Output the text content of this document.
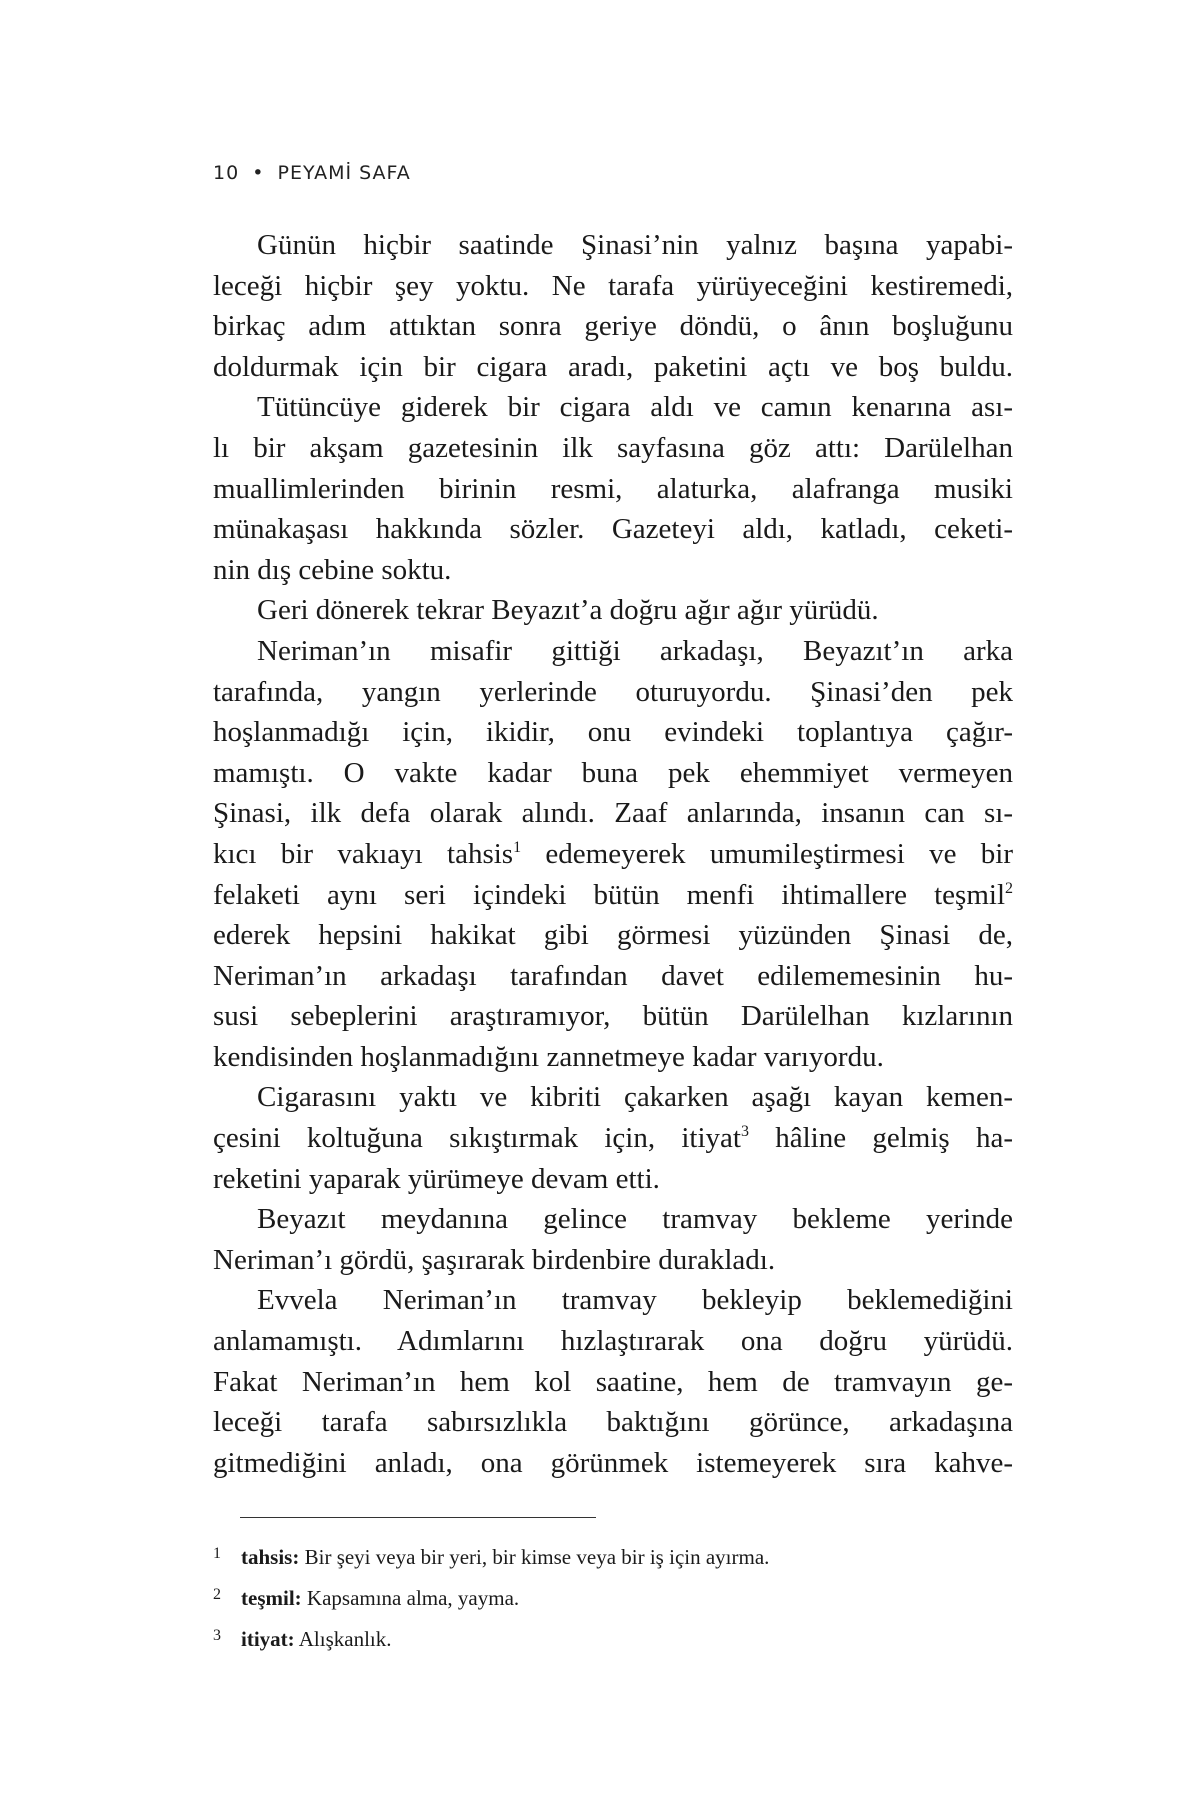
10 • PEYAMİ SAFA
Günün hiçbir saatinde Şinasi’nin yalnız başına yapabi-
leceği hiçbir şey yoktu. Ne tarafa yürüyeceğini kestiremedi,
birkaç adım attıktan sonra geriye döndü, o ânın boşluğunu
doldurmak için bir cigara aradı, paketini açtı ve boş buldu.
Tütüncüye giderek bir cigara aldı ve camın kenarına ası-
lı bir akşam gazetesinin ilk sayfasına göz attı: Darülelhan
muallimlerinden birinin resmi, alaturka, alafranga musiki
münakaşası hakkında sözler. Gazeteyi aldı, katladı, ceketi-
nin dış cebine soktu.
Geri dönerek tekrar Beyazıt’a doğru ağır ağır yürüdü.
Neriman’ın misafir gittiği arkadaşı, Beyazıt’ın arka
tarafında, yangın yerlerinde oturuyordu. Şinasi’den pek
hoşlanmadığı için, ikidir, onu evindeki toplantıya çağır-
mamıştı. O vakte kadar buna pek ehemmiyet vermeyen
Şinasi, ilk defa olarak alındı. Zaaf anlarında, insanın can sı-
kıcı bir vakıayı tahsis$^1$ edemeyerek umumileştirmesi ve bir
felaketi aynı seri içindeki bütün menfi ihtimallere teşmil$^2$
ederek hepsini hakikat gibi görmesi yüzünden Şinasi de,
Neriman’ın arkadaşı tarafından davet edilememesinin hu-
susi sebeplerini araştıramıyor, bütün Darülelhan kızlarının
kendisinden hoşlanmadığını zannetmeye kadar varıyordu.
Cigarasını yaktı ve kibriti çakarken aşağı kayan kemen-
çesini koltuğuna sıkıştırmak için, itiyat$^3$ hâline gelmiş ha-
reketini yaparak yürümeye devam etti.
Beyazıt meydanına gelince tramvay bekleme yerinde
Neriman’ı gördü, şaşırarak birdenbire durakladı.
Evvela Neriman’ın tramvay bekleyip beklemediğini
anlamamıştı. Adımlarını hızlaştırarak ona doğru yürüdü.
Fakat Neriman’ın hem kol saatine, hem de tramvayın ge-
leceği tarafa sabırsızlıkla baktığını görünce, arkadaşına
gitmediğini anladı, ona görünmek istemeyerek sıra kahve-
1 tahsis: Bir şeyi veya bir yeri, bir kimse veya bir iş için ayırma.
2 teşmil: Kapsamına alma, yayma.
3 itiyat: Alışkanlık.
